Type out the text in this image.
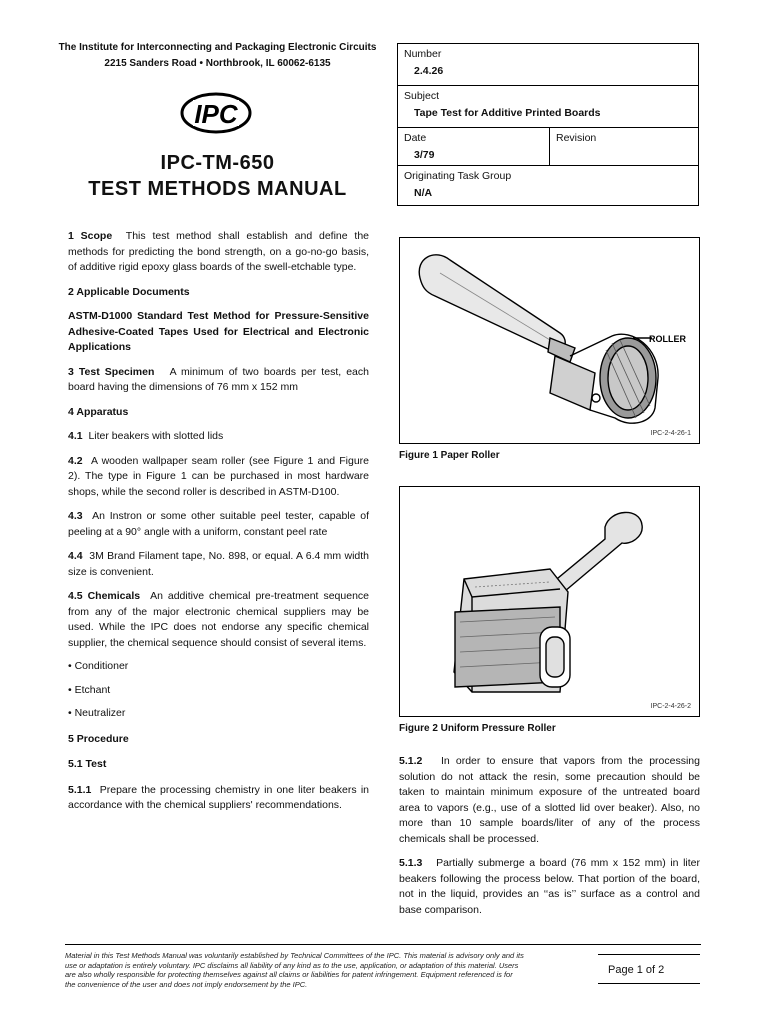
The Institute for Interconnecting and Packaging Electronic Circuits
2215 Sanders Road • Northbrook, IL 60062-6135
IPC
IPC-TM-650
TEST METHODS MANUAL
Number
2.4.26
Subject
Tape Test for Additive Printed Boards
Date
3/79
Revision
Originating Task Group
N/A

1 Scope This test method shall establish and define the methods for predicting the bond strength, on a go-no-go basis, of additive rigid epoxy glass boards of the swell-etchable type.

2 Applicable Documents

ASTM-D1000 Standard Test Method for Pressure-Sensitive Adhesive-Coated Tapes Used for Electrical and Electronic Applications

3 Test Specimen A minimum of two boards per test, each board having the dimensions of 76 mm x 152 mm

4 Apparatus

4.1 Liter beakers with slotted lids

4.2 A wooden wallpaper seam roller (see Figure 1 and Figure 2). The type in Figure 1 can be purchased in most hardware shops, while the second roller is described in ASTM-D100.

4.3 An Instron or some other suitable peel tester, capable of peeling at a 90° angle with a uniform, constant peel rate

4.4 3M Brand Filament tape, No. 898, or equal. A 6.4 mm width size is convenient.

4.5 Chemicals An additive chemical pre-treatment sequence from any of the major electronic chemical suppliers may be used. While the IPC does not endorse any specific chemical supplier, the chemical sequence should consist of several items.

• Conditioner

• Etchant

• Neutralizer

5 Procedure

5.1 Test

5.1.1 Prepare the processing chemistry in one liter beakers in accordance with the chemical suppliers' recommendations.

ROLLER
IPC-2-4-26-1
Figure 1 Paper Roller
IPC-2-4-26-2
Figure 2 Uniform Pressure Roller

5.1.2 In order to ensure that vapors from the processing solution do not attack the resin, some precaution should be taken to maintain minimum exposure of the untreated board area to vapors (e.g., use of a slotted lid over beaker). Also, no more than 10 sample boards/liter of any of the process chemicals shall be processed.

5.1.3 Partially submerge a board (76 mm x 152 mm) in liter beakers following the process below. That portion of the board, not in the liquid, provides an ‘‘as is’’ surface as a control and base comparison.

Material in this Test Methods Manual was voluntarily established by Technical Committees of the IPC. This material is advisory only and its use or adaptation is entirely voluntary. IPC disclaims all liability of any kind as to the use, application, or adaptation of this material. Users are also wholly responsible for protecting themselves against all claims or liabilities for patent infringement. Equipment referenced is for the convenience of the user and does not imply endorsement by the IPC.
Page 1 of 2
